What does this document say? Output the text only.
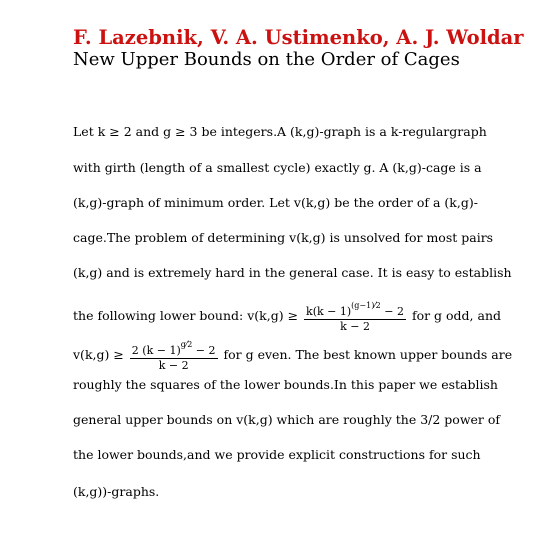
F. Lazebnik, V. A. Ustimenko, A. J. Woldar
New Upper Bounds on the Order of Cages
Let k ≥ 2 and g ≥ 3 be integers.A (k,g)-graph is a k-regulargraph
with girth (length of a smallest cycle) exactly g. A (k,g)-cage is a
(k,g)-graph of minimum order. Let v(k,g) be the order of a (k,g)-
cage.The problem of determining v(k,g) is unsolved for most pairs
(k,g) and is extremely hard in the general case. It is easy to establish
the following lower bound: $v(k,g) \ge \frac{k(k - 1)^{(g-1)⁄2} - 2}{k - 2}$ for g odd, and
$v(k,g) \ge \frac{2 (k - 1)^{g⁄2} - 2}{k - 2}$ for g even. The best known upper bounds are
roughly the squares of the lower bounds.In this paper we establish
general upper bounds on v(k,g) which are roughly the 3/2 power of
the lower bounds,and we provide explicit constructions for such
(k,g))-graphs.
